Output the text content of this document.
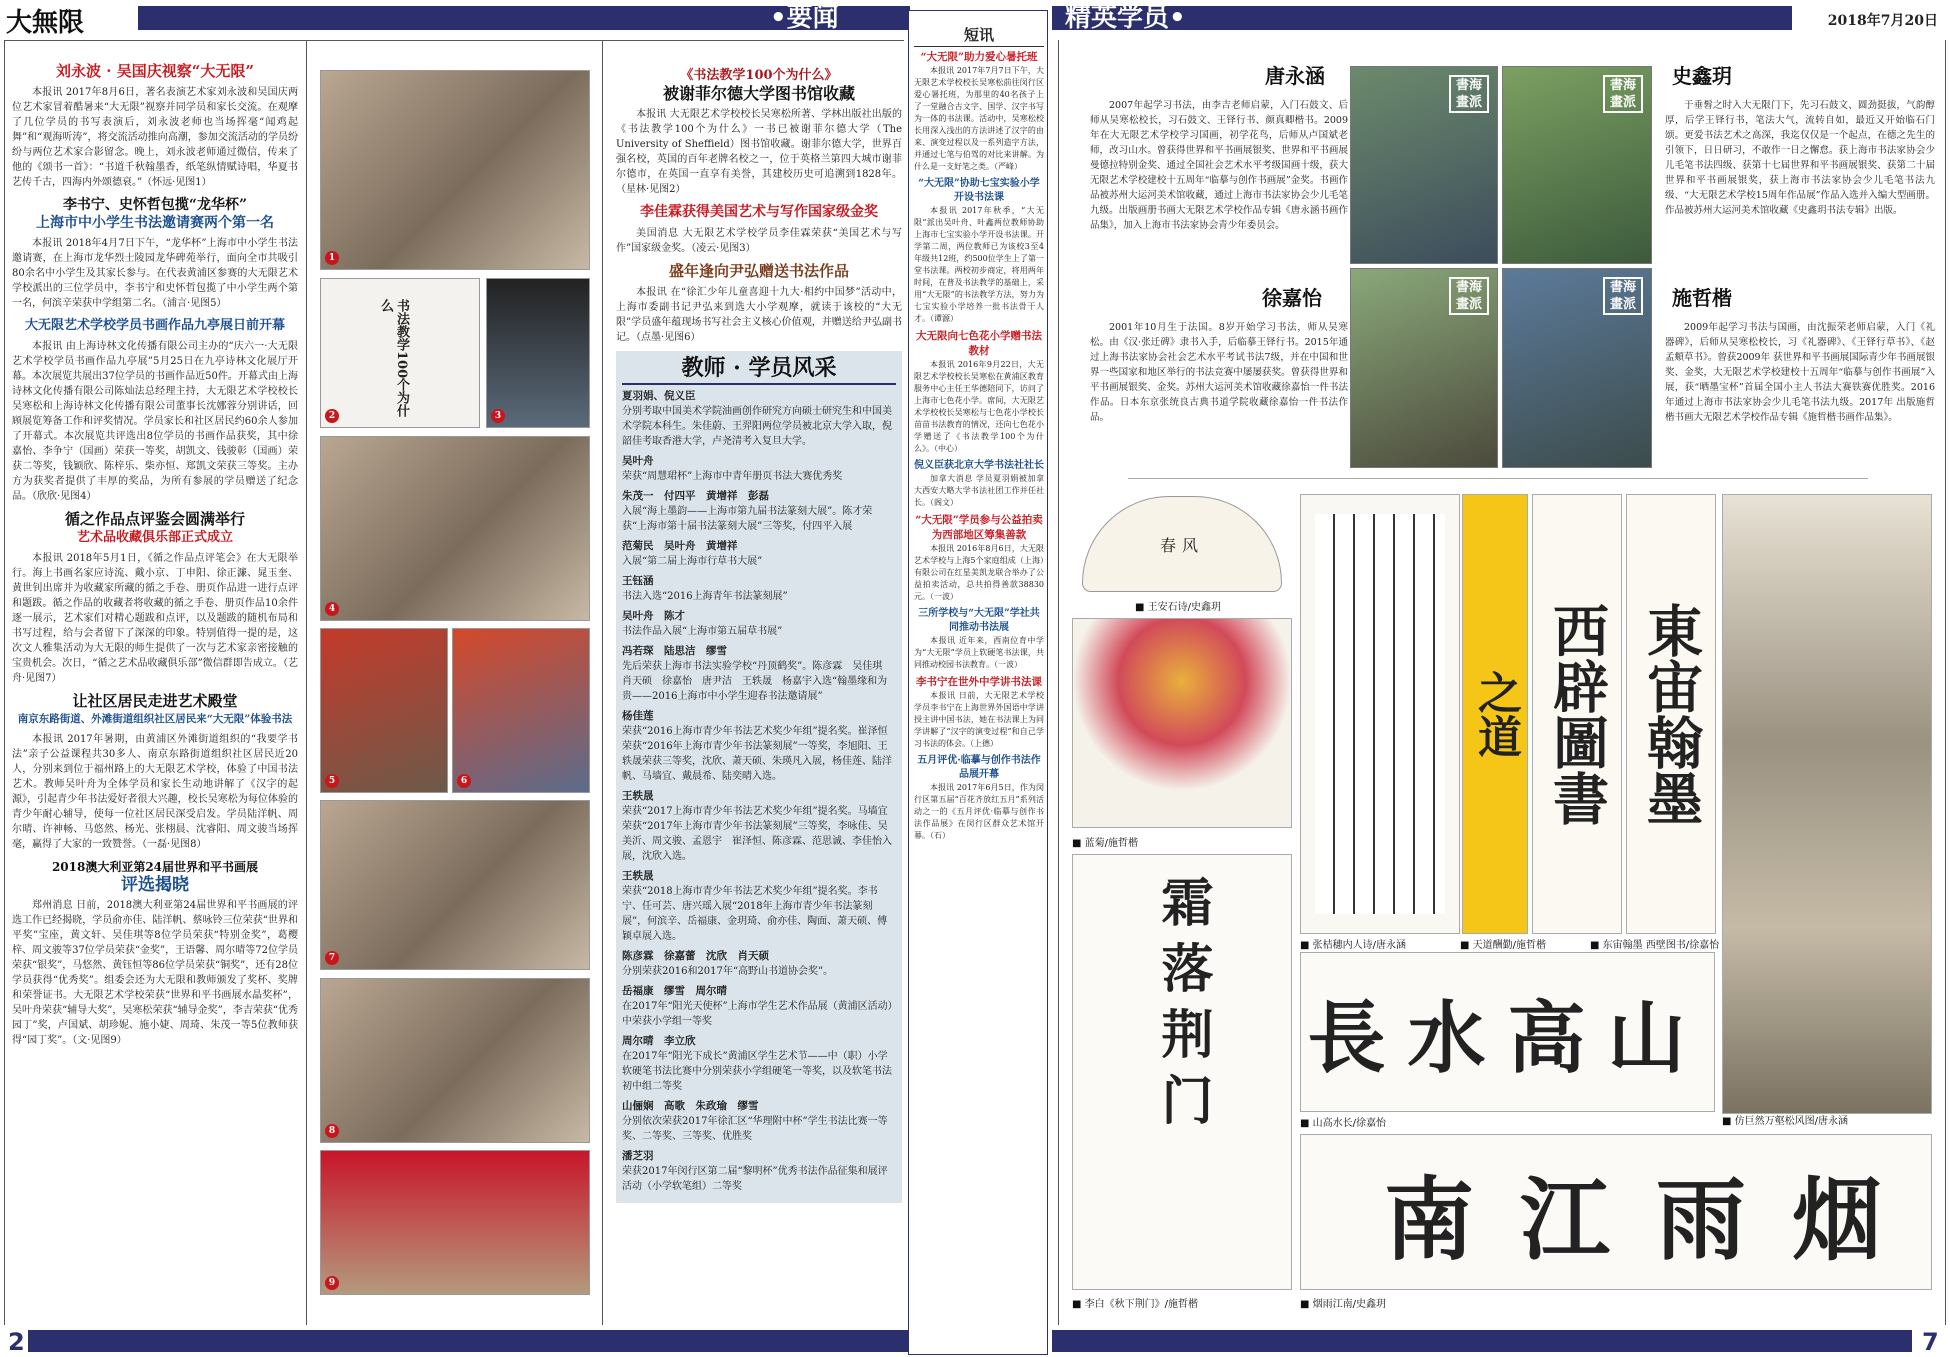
大無限	•要闻	精英学员•	2018年7月20日
2	7
刘永波 · 吴国庆视察“大无限”

本报讯 2017年8月6日，著名表演艺术家刘永波和吴国庆两位艺术家冒着酷暑来“大无限”视察并同学员和家长交流。在观摩了几位学员的书写表演后，刘永波老师也当场挥毫“闻鸡起舞”和“观海听涛”，将交流活动推向高潮，参加交流活动的学员纷纷与两位艺术家合影留念。晚上，刘永波老师通过微信，传来了他的《颂书一首》：“书道千秋翰墨香，纸笔纵情赋诗唱，华夏书艺传千古，四海内外颂德衰。”（怀远·见图1）

李书宁、史怀哲包揽“龙华杯”
上海市中小学生书法邀请赛两个第一名

本报讯 2018年4月7日下午，“龙华杯”上海市中小学生书法邀请赛，在上海市龙华烈士陵园龙华碑苑举行，面向全市共吸引80余名中小学生及其家长参与。在代表黄浦区参赛的大无限艺术学校派出的三位学员中，李书宁和史怀哲包揽了中小学生两个第一名，何滨辛荣获中学组第二名。（浦言·见图5）

大无限艺术学校学员书画作品九亭展日前开幕

本报讯 由上海诗林文化传播有限公司主办的“庆六一·大无限艺术学校学员书画作品九亭展”5月25日在九亭诗林文化展厅开幕。本次展览共展出37位学员的书画作品近50件。开幕式由上海诗林文化传播有限公司陈灿法总经理主持，大无限艺术学校校长吴寒松和上海诗林文化传播有限公司董事长沈娜蓉分别讲话，回顾展览筹备工作和评奖情况。学员家长和社区居民约60余人参加了开幕式。本次展览共评选出8位学员的书画作品获奖，其中徐嘉怡、李争宁（国画）荣获一等奖，胡凯文、钱骏彰（国画）荣获二等奖，钱颖欣、陈梓乐、柴亦恒、郑凯文荣获三等奖。主办方为获奖者提供了丰厚的奖品，为所有参展的学员赠送了纪念品。（欣欣·见图4）

循之作品点评鉴会圆满举行
艺术品收藏俱乐部正式成立

本报讯 2018年5月1日，《循之作品点评笔会》在大无限举行。海上书画名家应诗流、戴小京、丁申阳、徐正濂、晁玉奎、黄世钊出席并为收藏家所藏的循之手卷、册页作品进一进行点评和题跋。循之作品的收藏者将收藏的循之手卷、册页作品10余件逐一展示，艺术家们对精心题跋和点评，以及题跋的随机布局和书写过程，给与会者留下了深深的印象。特别值得一提的是，这次文人雅集活动为大无限的师生提供了一次与艺术家亲密接触的宝贵机会。次日，“循之艺术品收藏俱乐部”微信群即告成立。（艺舟·见图7）

让社区居民走进艺术殿堂
南京东路街道、外滩街道组织社区居民来“大无限”体验书法

本报讯 2017年暑期，由黄浦区外滩街道组织的“我要学书法”亲子公益课程共30多人、南京东路街道组织社区居民近20人，分别来到位于福州路上的大无限艺术学校，体验了中国书法艺术。教师吴叶舟为全体学员和家长生动地讲解了《汉字的起源》，引起青少年书法爱好者很大兴趣，校长吴寒松为每位体验的青少年耐心辅导，使每一位社区居民深受启发。学员陆洋帆、周尔晴、许神畅、马悠然、杨光、张栩晨、沈睿阳、周文骏当场挥毫，赢得了大家的一致赞誉。（一磊·见图8）

2018澳大利亚第24届世界和平书画展
评选揭晓

郑州消息 日前，2018澳大利亚第24届世界和平书画展的评选工作已经揭晓，学员俞亦佳、陆洋帆、蔡咏铃三位荣获“世界和平奖”宝座，黄文轩、吴佳琪等8位学员荣获“特别金奖”，葛樱梓、周文骏等37位学员荣获“金奖”，王语馨、周尔晴等72位学员荣获“银奖”，马悠然、黄钰恒等86位学员荣获“铜奖”，还有28位学员获得“优秀奖”。组委会还为大无限和教师颁发了奖杯、奖牌和荣誉证书。大无限艺术学校荣获“世界和平书画展水晶奖杯”，吴叶舟荣获“辅导大奖”，吴寒松荣获“辅导金奖”，李吉荣获“优秀园丁”奖，卢国斌、胡珍妮、施小婕、周琦、朱茂一等5位教师获得“园丁奖”。（文·见图9）

1
书法教学100个为什么
2	3
4
5	6
7
8
9
《书法教学100个为什么》
被谢菲尔德大学图书馆收藏

本报讯 大无限艺术学校校长吴寒松所著、学林出版社出版的《书法教学100个为什么》一书已被谢菲尔德大学（The University of Sheffield）图书馆收藏。谢菲尔德大学，世界百强名校，英国的百年老牌名校之一，位于英格兰第四大城市谢菲尔德市，在英国一直享有美誉，其建校历史可追溯到1828年。（星林·见图2）

李佳霖获得美国艺术与写作国家级金奖

美国消息 大无限艺术学校学员李佳霖荣获“美国艺术与写作”国家级金奖。（凌云·见图3）

盛年逢向尹弘赠送书法作品

本报讯 在“徐汇少年儿童喜迎十九大·相约中国梦”活动中，上海市委副书记尹弘来到选大小学观摩，就读于该校的“大无限”学员盛年蕴现场书写社会主义核心价值观，并赠送给尹弘副书记。（点墨·见图6）

教师 · 学员风采

夏羽娟、倪义臣
分别考取中国美术学院油画创作研究方向硕士研究生和中国美术学院本科生。朱佳蔚、王羿阳两位学员被北京大学入取，倪韶佳考取香港大学，卢尧清考入复旦大学。

吴叶舟
荣获“周慧珺杯”上海市中青年册页书法大赛优秀奖

朱茂一　付四平　黄增祥　彭磊
入展“海上墨韵——上海市第九届书法篆刻大展”。陈才荣获“上海市第十届书法篆刻大展”三等奖，付四平入展

范菊民　吴叶舟　黄增祥
入展“第二届上海市行草书大展”

王钰涵
书法入选“2016上海青年书法篆刻展”

吴叶舟　陈才
书法作品入展“上海市第五届草书展”

冯若琛　陆思洁　缪雪
先后荣获上海市书法实验学校“丹顶鹤奖”。陈彦霖　吴佳琪　肖天硕　徐嘉怡　唐尹洁　王轶晟　杨嘉宇入选“翰墨缘和为贵——2016上海市中小学生迎春书法邀请展”

杨佳莲
荣获“2016上海市青少年书法艺术奖少年组”提名奖。崔泽恒荣获“2016年上海市青少年书法篆刻展”一等奖，李旭阳、王轶晟荣获三等奖，沈欣、萧天硕、朱瑛凡入展，杨佳莲、陆洋帆、马墙宜、戴晨希、陆奕晴入选。

王轶晟
荣获“2017上海市青少年书法艺术奖少年组”提名奖。马墙宜荣获“2017年上海市青少年书法篆刻展”三等奖，李咏佳、吴美沂、周文骏、孟恩宇　崔泽恒、陈彦霖、范思诚、李佳怡入展，沈欣入选。

王轶晟
荣获“2018上海市青少年书法艺术奖少年组”提名奖。李书宁、任可芸、唐兴瑶入展“2018年上海市青少年书法篆刻展”，何滨辛、岳福康、金玥琦、俞亦佳、陶面、萧天硕、傅颖卓展入选。

陈彦霖　徐嘉蕾　沈欣　肖天硕
分别荣获2016和2017年“高野山书道协会奖”。

岳福康　缪雪　周尔晴
在2017年“阳光天使杯”上海市学生艺术作品展（黄浦区活动）中荣获小学组一等奖

周尔晴　李立欣
在2017年“阳光下成长”黄浦区学生艺术节——中（职）小学软硬笔书法比赛中分别荣获小学组硬笔一等奖，以及软笔书法初中组二等奖

山俪娴　高歌　朱政瑜　缪雪
分别依次荣获2017年徐汇区“华理附中杯”学生书法比赛一等奖、二等奖、三等奖、优胜奖

潘芝羽
荣获2017年闵行区第二届“黎明杯”优秀书法作品征集和展评活动（小学软笔组）二等奖

短讯
“大无限”助力爱心暑托班

本报讯 2017年7月7日下午，大无限艺术学校校长吴寒松前往闵行区爱心暑托班，为那里的40名孩子上了一堂融合古文字、国学、汉字书写为一体的书法课。活动中，吴寒松校长用深入浅出的方法讲述了汉字的由来、演变过程以及一系列造字方法，并通过七笔与伯驾的对比来讲解。为什么是一支好笔之类。（严峰）

“大无限”协助七宝实验小学开设书法课

本报讯 2017年秋季，“大无限”派出吴叶舟、叶鑫两位教师协助上海市七宝实验小学开设书法课。开学第二周，两位教师已为该校3至4年级共12班，约500位学生上了第一堂书法课。两校初步商定，将用两年时间，在普及书法教学的基础上，采用“大无限”的书法教学方法，努力为七宝实验小学培养一批书法骨干人才。（谭源）

大无限向七色花小学赠书法教材

本报讯 2016年9月22日，大无限艺术学校校长吴寒松在黄浦区教育服务中心主任王华德陪同下，访问了上海市七色花小学。席间，大无限艺术学校校长吴寒松与七色花小学校长苗苗书法教育的情况，还向七色花小学赠送了《书法教学100个为什么》。（中心）

倪义臣获北京大学书法社社长

加拿大消息 学员夏羽娟被加拿大西安大略大学书法社团工作并任社长。（阁文）

“大无限”学员参与公益拍卖为西部地区筹集善款

本报讯 2016年8月6日，大无限艺术学校与上海5个家庭组成（上海）有限公司在红星美凯龙联合举办了公益拍卖活动，总共拍得善款38830元。（一波）

三所学校与“大无限”学社共同推动书法展

本报讯 近年来，西南位育中学为“大无限”学员上软硬笔书法课，共同推动校园书法教育。（一波）

李书宁在世外中学讲书法课

本报讯 日前，大无限艺术学校学员李书宁在上海世界外国语中学讲授主讲中国书法，她在书法课上为同学讲解了“汉字的演变过程”和自己学习书法的体会。（上德）

五月评优·临摹与创作书法作品展开幕

本报讯 2017年6月5日，作为闵行区第五届“百花齐放红五月”系列活动之一的《五月评优·临摹与创作书法作品展》在闵行区群众艺术馆开幕。（石）

唐永涵
2007年起学习书法，由李吉老师启蒙，入门石鼓文、后师从吴寒松校长，习石鼓文、王铎行书、颜真卿楷书。2009年在大无限艺术学校学习国画，初学花鸟，后师从卢国斌老师，改习山水。曾获得世界和平书画展银奖、世界和平书画展曼德拉特别金奖、通过全国社会艺术水平考级国画十级，获大无限艺术学校建校十五周年“临摹与创作书画展”金奖。书画作品被苏州大运河美术馆收藏，通过上海市书法家协会少儿毛笔九级。出版画册书画大无限艺术学校作品专辑《唐永涵书画作品集》，加入上海市书法家协会青少年委员会。
書海畫派
書海畫派
史鑫玥
于垂髫之时入大无限门下，先习石鼓文、圆劲挺拔，气韵醇厚，后学王铎行书，笔法大气，流转自如，最近又开始临石门颂。更爱书法艺术之高深，我迄仅仅是一个起点，在德之先生的引领下，日日研习，不敢作一日之懈怠。获上海市书法家协会少儿毛笔书法四级、获第十七届世界和平书画展银奖、获第二十届世界和平书画展银奖，获上海市书法家协会少儿毛笔书法九级、“大无限艺术学校15周年作品展”作品入选并入编大型画册。作品被苏州大运河美术馆收藏《史鑫玥书法专辑》出版。
徐嘉怡
2001年10月生于法国。8岁开始学习书法，师从吴寒松。由《汉·张迁碑》隶书入手，后临摹王铎行书。2015年通过上海书法家协会社会艺术水平考试书法7级，并在中国和世界一些国家和地区举行的书法竞赛中屡屡获奖。曾获得世界和平书画展银奖、金奖。苏州大运河美术馆收藏徐嘉怡一件书法作品。日本东京张统良古典书道学院收藏徐嘉怡一件书法作品。
書海畫派
書海畫派	施哲楷
2009年起学习书法与国画，由沈振荣老师启蒙，入门《礼器碑》，后师从吴寒松校长，习《礼器碑》、《王铎行草书》、《赵孟頫草书》。曾获2009年 获世界和平书画展国际青少年书画展银奖、金奖，大无限艺术学校建校十五周年“临摹与创作书画展”入展，获“晒墨宝杯”首届全国小主人书法大赛铁赛优胜奖。2016年通过上海市书法家协会少儿毛笔书法九级。2017年 出版施哲楷书画大无限艺术学校作品专辑《施哲楷书画作品集》。
春风
■ 王安石诗/史鑫玥
■ 蓝菊/施哲楷
霜落荆门
■ 李白《秋下荆门》/施哲楷
■ 张桔穗内人诗/唐永涵
之道
■ 天道酬勤/施哲楷
西辟圖書 東宙翰墨
■ 东宙翰墨 西壁图书/徐嘉怡
■ 仿巨然万壑松风图/唐永涵
長水高山
■ 山高水长/徐嘉怡
南江雨烟
■ 烟雨江南/史鑫玥
